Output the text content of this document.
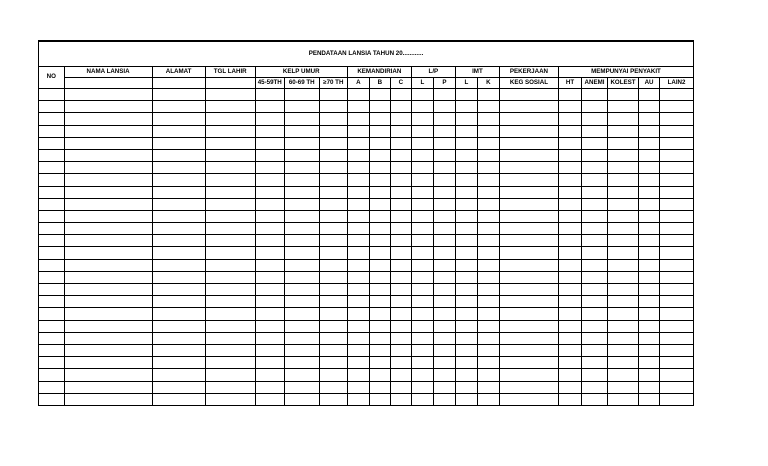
PENDATAAN LANSIA TAHUN 20............																			
NO	NAMA LANSIA	ALAMAT	TGL LAHIR	KELP UMUR			KEMANDIRIAN			L/P		IMT		PEKERJAAN	MEMPUNYAI PENYAKIT				
				45-59TH	60-69 TH	≥70 TH	A	B	C	L	P	L	K	KEG SOSIAL	HT	ANEMI	KOLEST	AU	LAIN2
